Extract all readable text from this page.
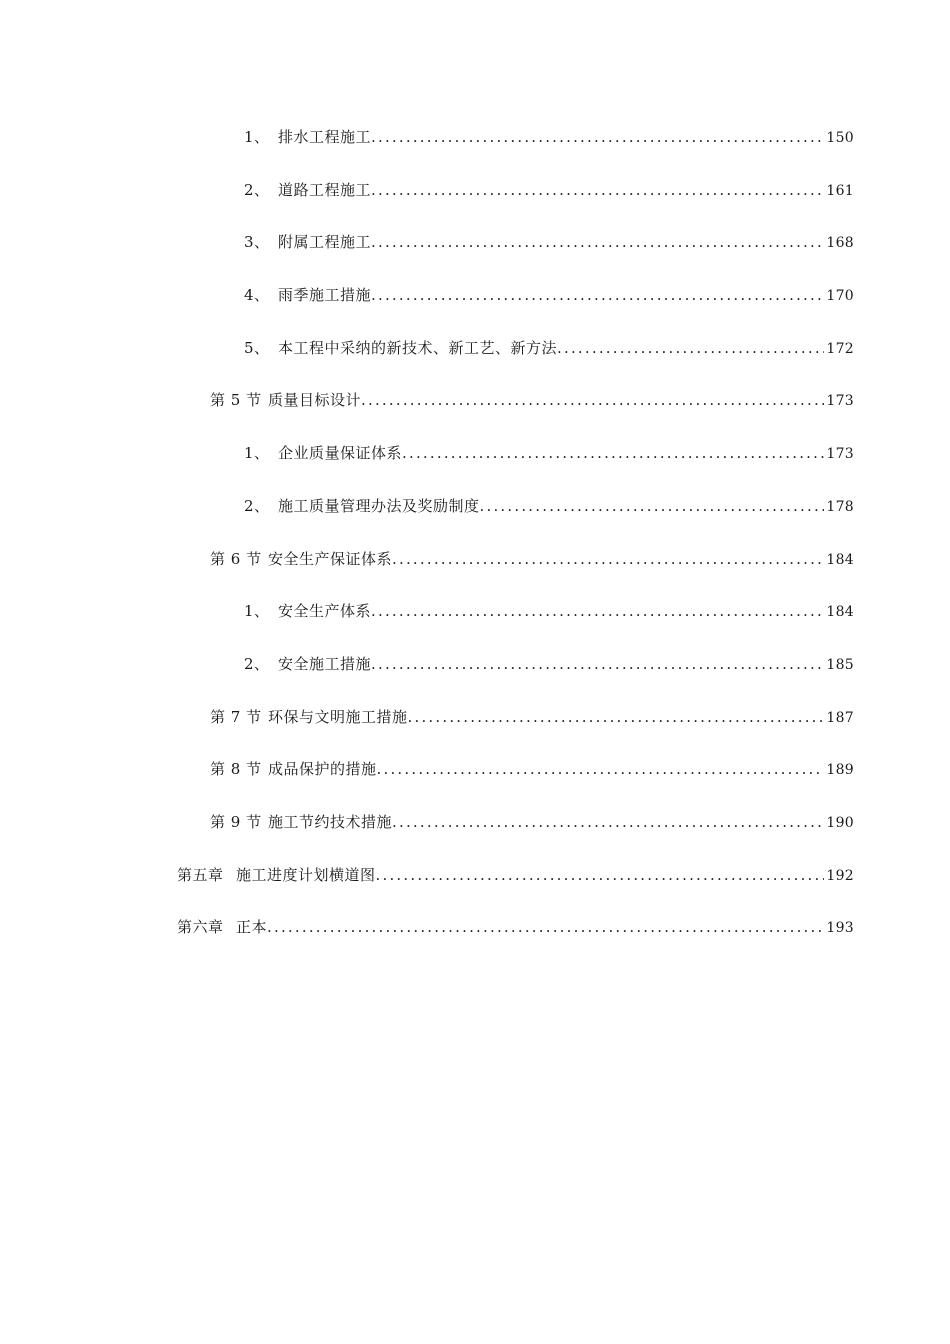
1、 排水工程施工 .....	150
2、 道路工程施工 .....	161
3、 附属工程施工 .....	168
4、 雨季施工措施 .....	170
5、 本工程中采纳的新技术、新工艺、新方法 .....	172
第 5 节 质量目标设计 .....	173
1、 企业质量保证体系 .....	173
2、 施工质量管理办法及奖励制度 .....	178
第 6 节 安全生产保证体系 .....	184
1、 安全生产体系 .....	184
2、 安全施工措施 .....	185
第 7 节 环保与文明施工措施 .....	187
第 8 节 成品保护的措施 .....	189
第 9 节 施工节约技术措施 .....	190
第五章 施工进度计划横道图 .....	192
第六章 正本 .....	193
